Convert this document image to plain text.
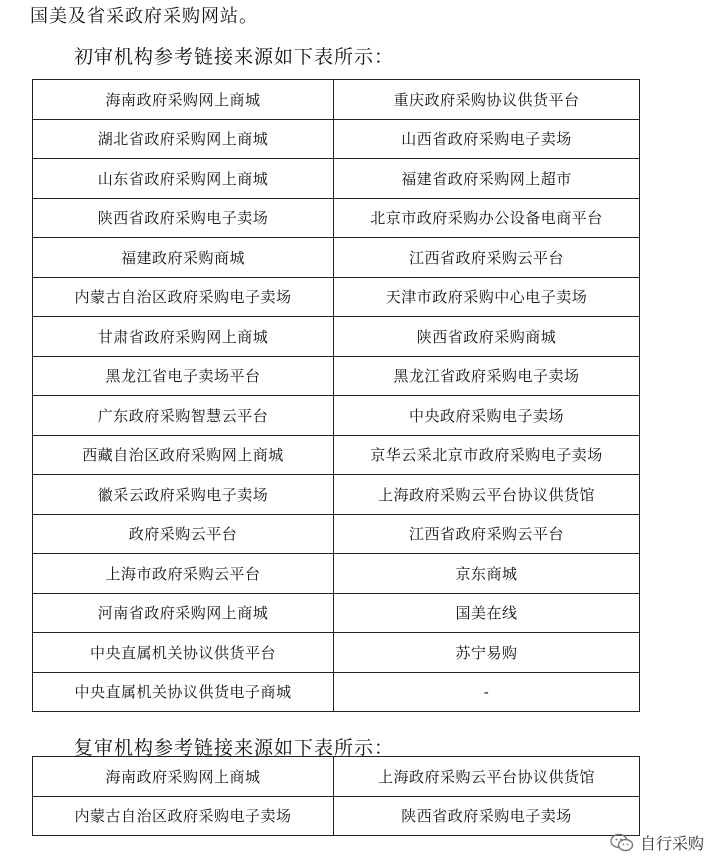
国美及省采政府采购网站。
初审机构参考链接来源如下表所示：
海南政府采购网上商城	重庆政府采购协议供货平台
湖北省政府采购网上商城	山西省政府采购电子卖场
山东省政府采购网上商城	福建省政府采购网上超市
陕西省政府采购电子卖场	北京市政府采购办公设备电商平台
福建政府采购商城	江西省政府采购云平台
内蒙古自治区政府采购电子卖场	天津市政府采购中心电子卖场
甘肃省政府采购网上商城	陕西省政府采购商城
黑龙江省电子卖场平台	黑龙江省政府采购电子卖场
广东政府采购智慧云平台	中央政府采购电子卖场
西藏自治区政府采购网上商城	京华云采北京市政府采购电子卖场
徽采云政府采购电子卖场	上海政府采购云平台协议供货馆
政府采购云平台	江西省政府采购云平台
上海市政府采购云平台	京东商城
河南省政府采购网上商城	国美在线
中央直属机关协议供货平台	苏宁易购
中央直属机关协议供货电子商城	-
复审机构参考链接来源如下表所示：
海南政府采购网上商城	上海政府采购云平台协议供货馆
内蒙古自治区政府采购电子卖场	陕西省政府采购电子卖场
自行采购
